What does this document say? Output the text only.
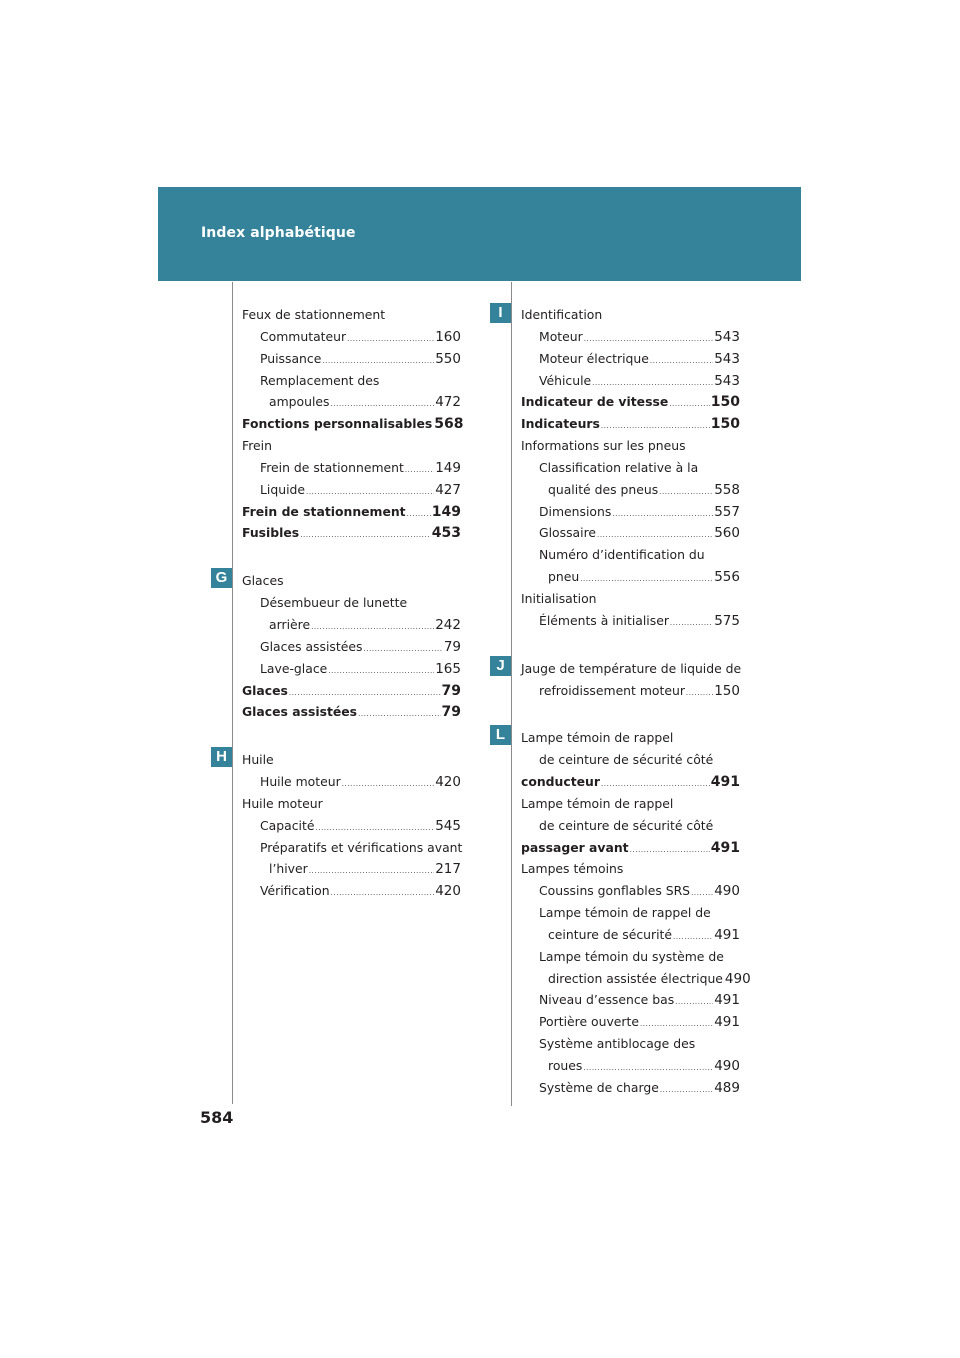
Index alphabétique
G
H
I
J
L
Feux de stationnement
Commutateur .....	160
Puissance .....	550
Remplacement des
ampoules .....	472
Fonctions personnalisables 568
Frein
Frein de stationnement ..... 149
Liquide .....	427
Frein de stationnement ..... 149
Fusibles .....	453
Glaces
Désembueur de lunette
arrière .....	242
Glaces assistées .....	79
Lave-glace .....	165
Glaces .....	79
Glaces assistées .....	79
Huile
Huile moteur .....	420
Huile moteur
Capacité .....	545
Préparatifs et vérifications avant
l’hiver .....	217
Vérification .....	420
Identification
Moteur .....	543
Moteur électrique .....	543
Véhicule .....	543
Indicateur de vitesse .....	150
Indicateurs .....	150
Informations sur les pneus
Classification relative à la
qualité des pneus .....	558
Dimensions .....	557
Glossaire .....	560
Numéro d’identification du
pneu .....	556
Initialisation
Éléments à initialiser .....	575
Jauge de température de liquide de
refroidissement moteur ..... 150
Lampe témoin de rappel
de ceinture de sécurité côté
conducteur .....	491
Lampe témoin de rappel
de ceinture de sécurité côté
passager avant .....	491
Lampes témoins
Coussins gonflables SRS ..... 490
Lampe témoin de rappel de
ceinture de sécurité .....	491
Lampe témoin du système de
direction assistée électrique 490
Niveau d’essence bas .....	491
Portière ouverte .....	491
Système antiblocage des
roues .....	490
Système de charge .....	489
584
